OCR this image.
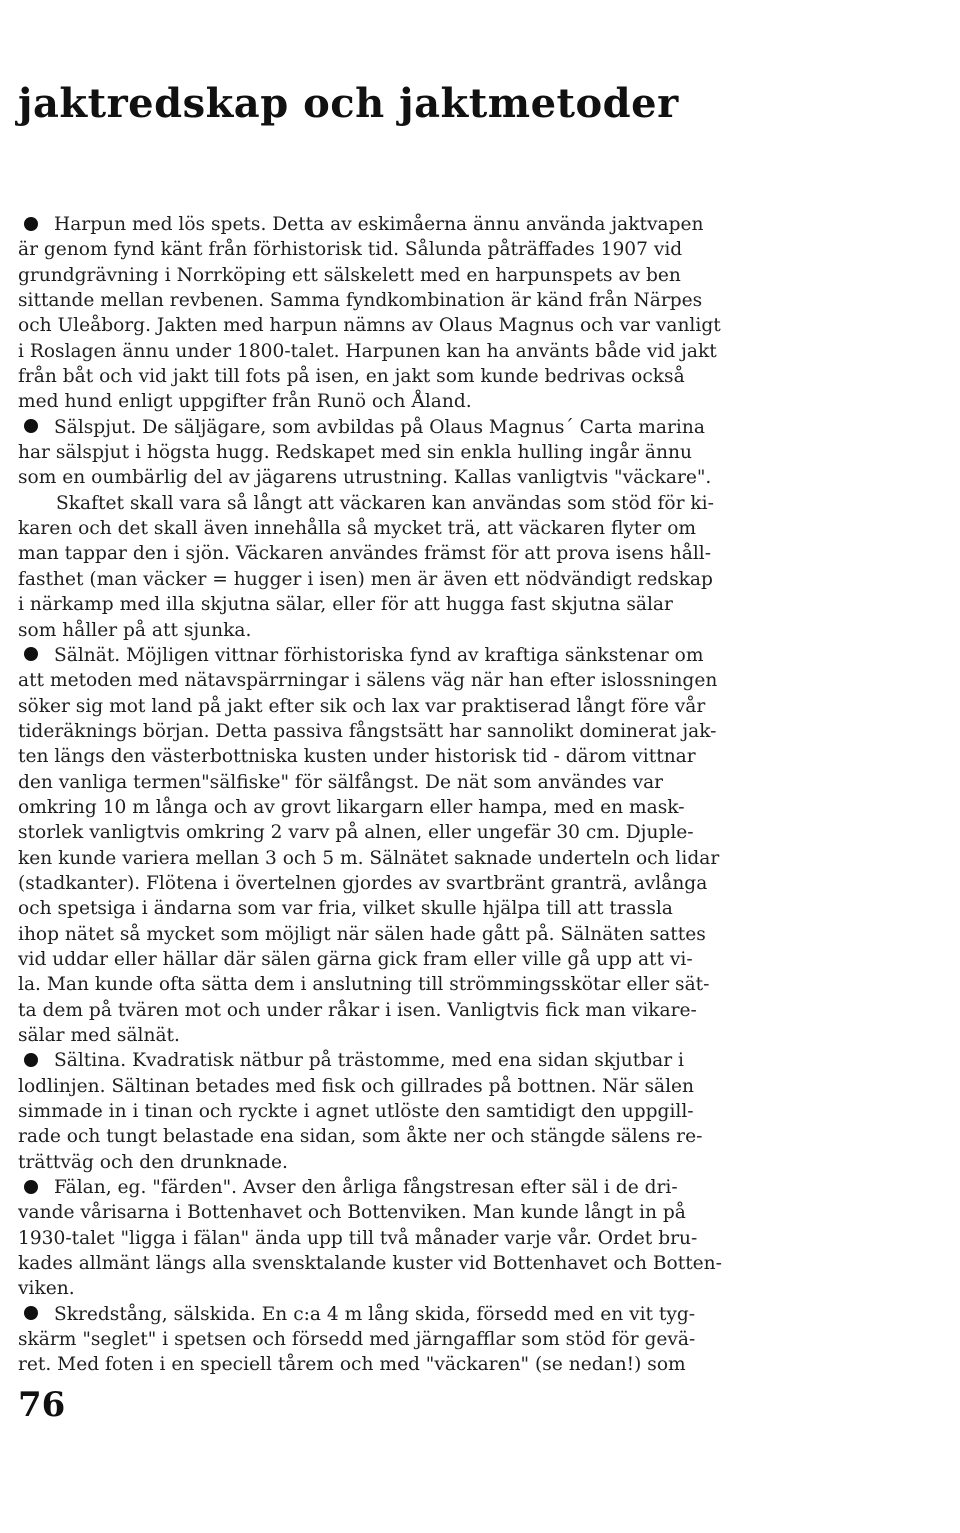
jaktredskap och jaktmetoder
Harpun med lös spets. Detta av eskimåerna ännu använda jaktvapen
är genom fynd känt från förhistorisk tid. Sålunda påträffades 1907 vid
grundgrävning i Norrköping ett sälskelett med en harpunspets av ben
sittande mellan revbenen. Samma fyndkombination är känd från Närpes
och Uleåborg. Jakten med harpun nämns av Olaus Magnus och var vanligt
i Roslagen ännu under 1800-talet. Harpunen kan ha använts både vid jakt
från båt och vid jakt till fots på isen, en jakt som kunde bedrivas också
med hund enligt uppgifter från Runö och Åland.
Sälspjut. De säljägare, som avbildas på Olaus Magnus´ Carta marina
har sälspjut i högsta hugg. Redskapet med sin enkla hulling ingår ännu
som en oumbärlig del av jägarens utrustning. Kallas vanligtvis "väckare".
Skaftet skall vara så långt att väckaren kan användas som stöd för ki-
karen och det skall även innehålla så mycket trä, att väckaren flyter om
man tappar den i sjön. Väckaren användes främst för att prova isens håll-
fasthet (man väcker = hugger i isen) men är även ett nödvändigt redskap
i närkamp med illa skjutna sälar, eller för att hugga fast skjutna sälar
som håller på att sjunka.
Sälnät. Möjligen vittnar förhistoriska fynd av kraftiga sänkstenar om
att metoden med nätavspärrningar i sälens väg när han efter islossningen
söker sig mot land på jakt efter sik och lax var praktiserad långt före vår
tideräknings början. Detta passiva fångstsätt har sannolikt dominerat jak-
ten längs den västerbottniska kusten under historisk tid - därom vittnar
den vanliga termen"sälfiske" för sälfångst. De nät som användes var
omkring 10 m långa och av grovt likargarn eller hampa, med en mask-
storlek vanligtvis omkring 2 varv på alnen, eller ungefär 30 cm. Djuple-
ken kunde variera mellan 3 och 5 m. Sälnätet saknade underteln och lidar
(stadkanter). Flötena i övertelnen gjordes av svartbränt granträ, avlånga
och spetsiga i ändarna som var fria, vilket skulle hjälpa till att trassla
ihop nätet så mycket som möjligt när sälen hade gått på. Sälnäten sattes
vid uddar eller hällar där sälen gärna gick fram eller ville gå upp att vi-
la. Man kunde ofta sätta dem i anslutning till strömmingsskötar eller sät-
ta dem på tvären mot och under råkar i isen. Vanligtvis fick man vikare-
sälar med sälnät.
Sältina. Kvadratisk nätbur på trästomme, med ena sidan skjutbar i
lodlinjen. Sältinan betades med fisk och gillrades på bottnen. När sälen
simmade in i tinan och ryckte i agnet utlöste den samtidigt den uppgill-
rade och tungt belastade ena sidan, som åkte ner och stängde sälens re-
trättväg och den drunknade.
Fälan, eg. "färden". Avser den årliga fångstresan efter säl i de dri-
vande vårisarna i Bottenhavet och Bottenviken. Man kunde långt in på
1930-talet "ligga i fälan" ända upp till två månader varje vår. Ordet bru-
kades allmänt längs alla svensktalande kuster vid Bottenhavet och Botten-
viken.
Skredstång, sälskida. En c:a 4 m lång skida, försedd med en vit tyg-
skärm "seglet" i spetsen och försedd med järngafflar som stöd för gevä-
ret. Med foten i en speciell tårem och med "väckaren" (se nedan!) som
76
